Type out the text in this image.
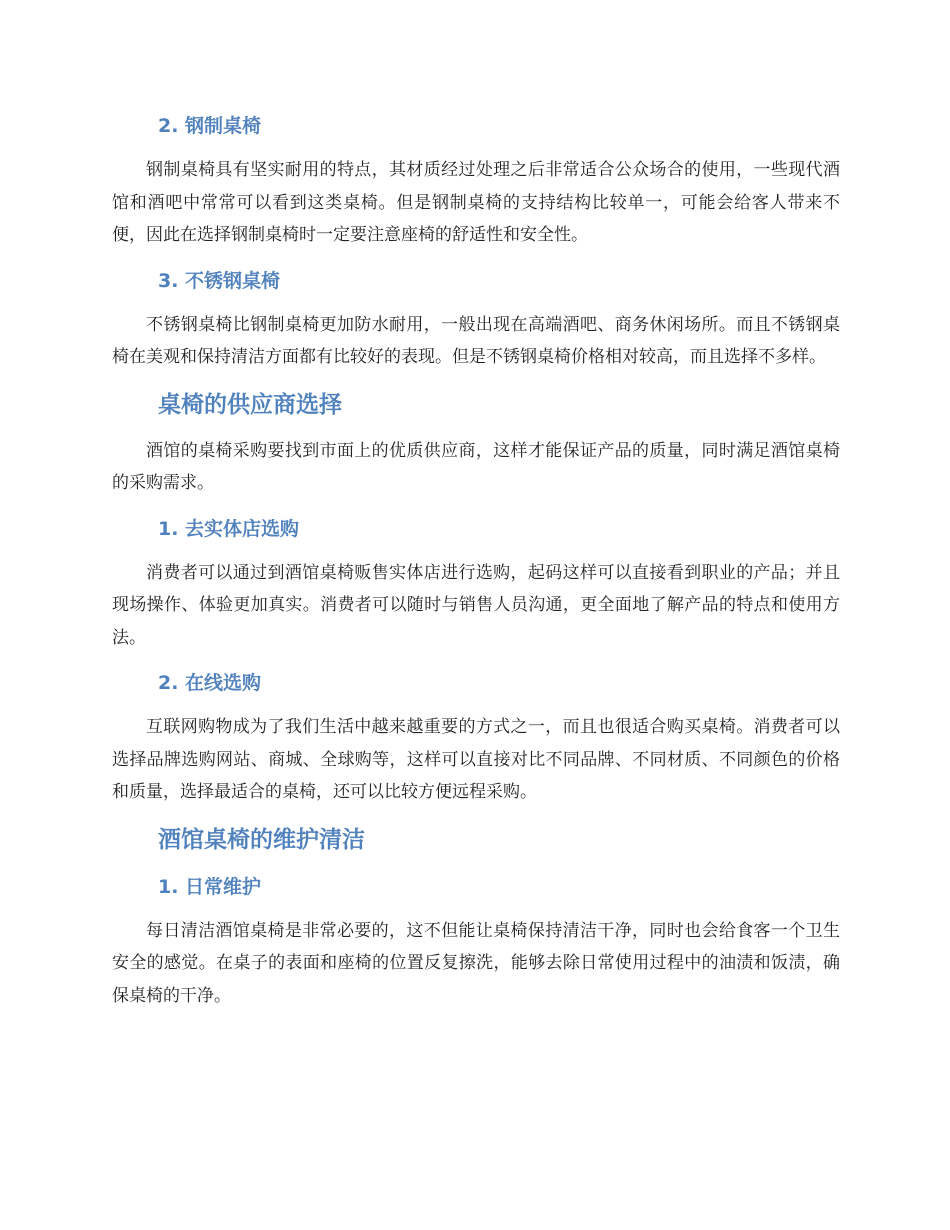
2. 钢制桌椅

钢制桌椅具有坚实耐用的特点，其材质经过处理之后非常适合公众场合的使用，一些现代酒馆和酒吧中常常可以看到这类桌椅。但是钢制桌椅的支持结构比较单一，可能会给客人带来不便，因此在选择钢制桌椅时一定要注意座椅的舒适性和安全性。

3. 不锈钢桌椅

不锈钢桌椅比钢制桌椅更加防水耐用，一般出现在高端酒吧、商务休闲场所。而且不锈钢桌椅在美观和保持清洁方面都有比较好的表现。但是不锈钢桌椅价格相对较高，而且选择不多样。

桌椅的供应商选择

酒馆的桌椅采购要找到市面上的优质供应商，这样才能保证产品的质量，同时满足酒馆桌椅的采购需求。

1. 去实体店选购

消费者可以通过到酒馆桌椅贩售实体店进行选购，起码这样可以直接看到职业的产品；并且现场操作、体验更加真实。消费者可以随时与销售人员沟通，更全面地了解产品的特点和使用方法。

2. 在线选购

互联网购物成为了我们生活中越来越重要的方式之一，而且也很适合购买桌椅。消费者可以选择品牌选购网站、商城、全球购等，这样可以直接对比不同品牌、不同材质、不同颜色的价格和质量，选择最适合的桌椅，还可以比较方便远程采购。

酒馆桌椅的维护清洁
1. 日常维护

每日清洁酒馆桌椅是非常必要的，这不但能让桌椅保持清洁干净，同时也会给食客一个卫生安全的感觉。在桌子的表面和座椅的位置反复擦洗，能够去除日常使用过程中的油渍和饭渍，确保桌椅的干净。
